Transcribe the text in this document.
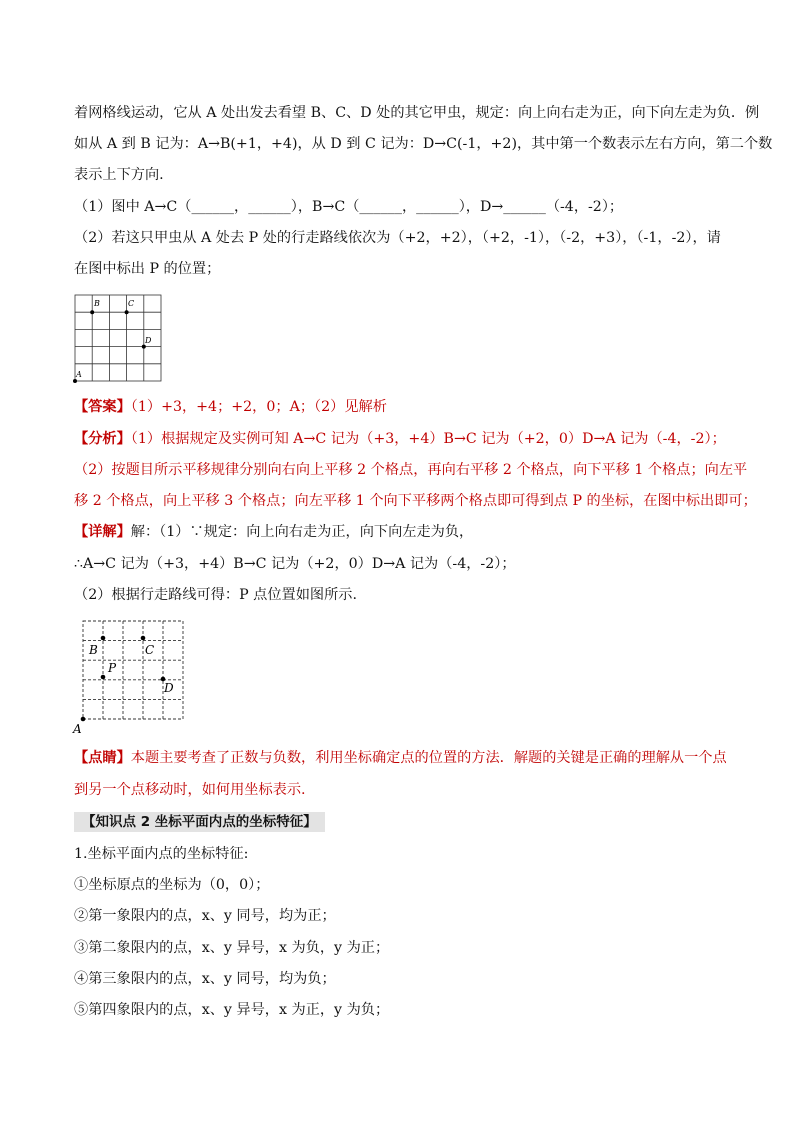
着网格线运动，它从 A 处出发去看望 B、C、D 处的其它甲虫，规定：向上向右走为正，向下向左走为负．例
如从 A 到 B 记为：A→B(+1，+4)，从 D 到 C 记为：D→C(-1，+2)，其中第一个数表示左右方向，第二个数
表示上下方向.
（1）图中 A→C（______，______），B→C（______，______），D→______（-4，-2）；
（2）若这只甲虫从 A 处去 P 处的行走路线依次为（+2，+2），（+2，-1），（-2，+3），（-1，-2），请
在图中标出 P 的位置；
B	C
D
A
【答案】（1）+3，+4；+2，0；A；（2）见解析
【分析】（1）根据规定及实例可知 A→C 记为（+3，+4）B→C 记为（+2，0）D→A 记为（-4，-2）；
（2）按题目所示平移规律分别向右向上平移 2 个格点，再向右平移 2 个格点，向下平移 1 个格点；向左平
移 2 个格点，向上平移 3 个格点；向左平移 1 个向下平移两个格点即可得到点 P 的坐标，在图中标出即可；
【详解】解：（1）∵规定：向上向右走为正，向下向左走为负，
∴A→C 记为（+3，+4）B→C 记为（+2，0）D→A 记为（-4，-2）；
（2）根据行走路线可得：P 点位置如图所示.
B	C
P
D
A
【点睛】本题主要考查了正数与负数，利用坐标确定点的位置的方法．解题的关键是正确的理解从一个点
到另一个点移动时，如何用坐标表示.
【知识点 2 坐标平面内点的坐标特征】
1.坐标平面内点的坐标特征:
①坐标原点的坐标为（0，0）；
②第一象限内的点，x、y 同号，均为正；
③第二象限内的点，x、y 异号，x 为负，y 为正；
④第三象限内的点，x、y 同号，均为负；
⑤第四象限内的点，x、y 异号，x 为正，y 为负；
